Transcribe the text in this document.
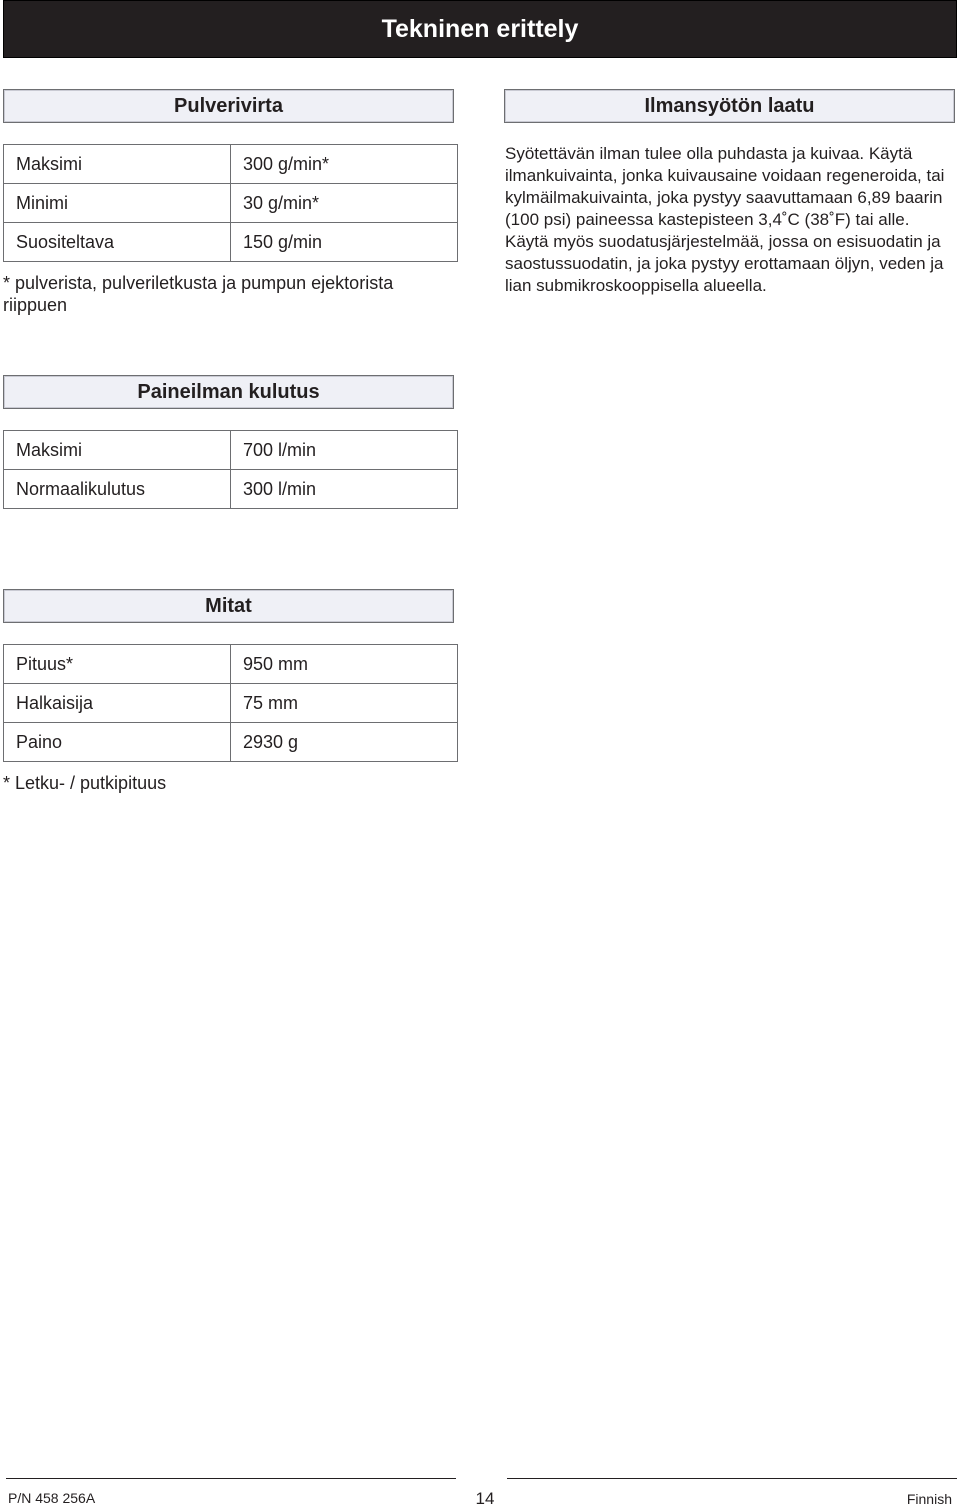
Tekninen erittely
Pulverivirta
Maksimi	300 g/min*
Minimi	30 g/min*
Suositeltava	150 g/min
* pulverista, pulveriletkusta ja pumpun ejektorista riippuen
Ilmansyötön laatu
Syötettävän ilman tulee olla puhdasta ja kuivaa. Käytä ilmankuivainta, jonka kuivausaine voidaan regeneroida, tai kylmäilmakuivainta, joka pystyy saavuttamaan 6,89 baarin (100 psi) paineessa kastepisteen 3,4˚C (38˚F) tai alle. Käytä myös suodatusjärjestelmää, jossa on esisuodatin ja saostussuodatin, ja joka pystyy erottamaan öljyn, veden ja lian submikroskooppisella alueella.
Paineilman kulutus
Maksimi	700 l/min
Normaalikulutus	300 l/min
Mitat
Pituus*	950 mm
Halkaisija	75 mm
Paino	2930 g
* Letku- / putkipituus
P/N 458 256A	14	Finnish
